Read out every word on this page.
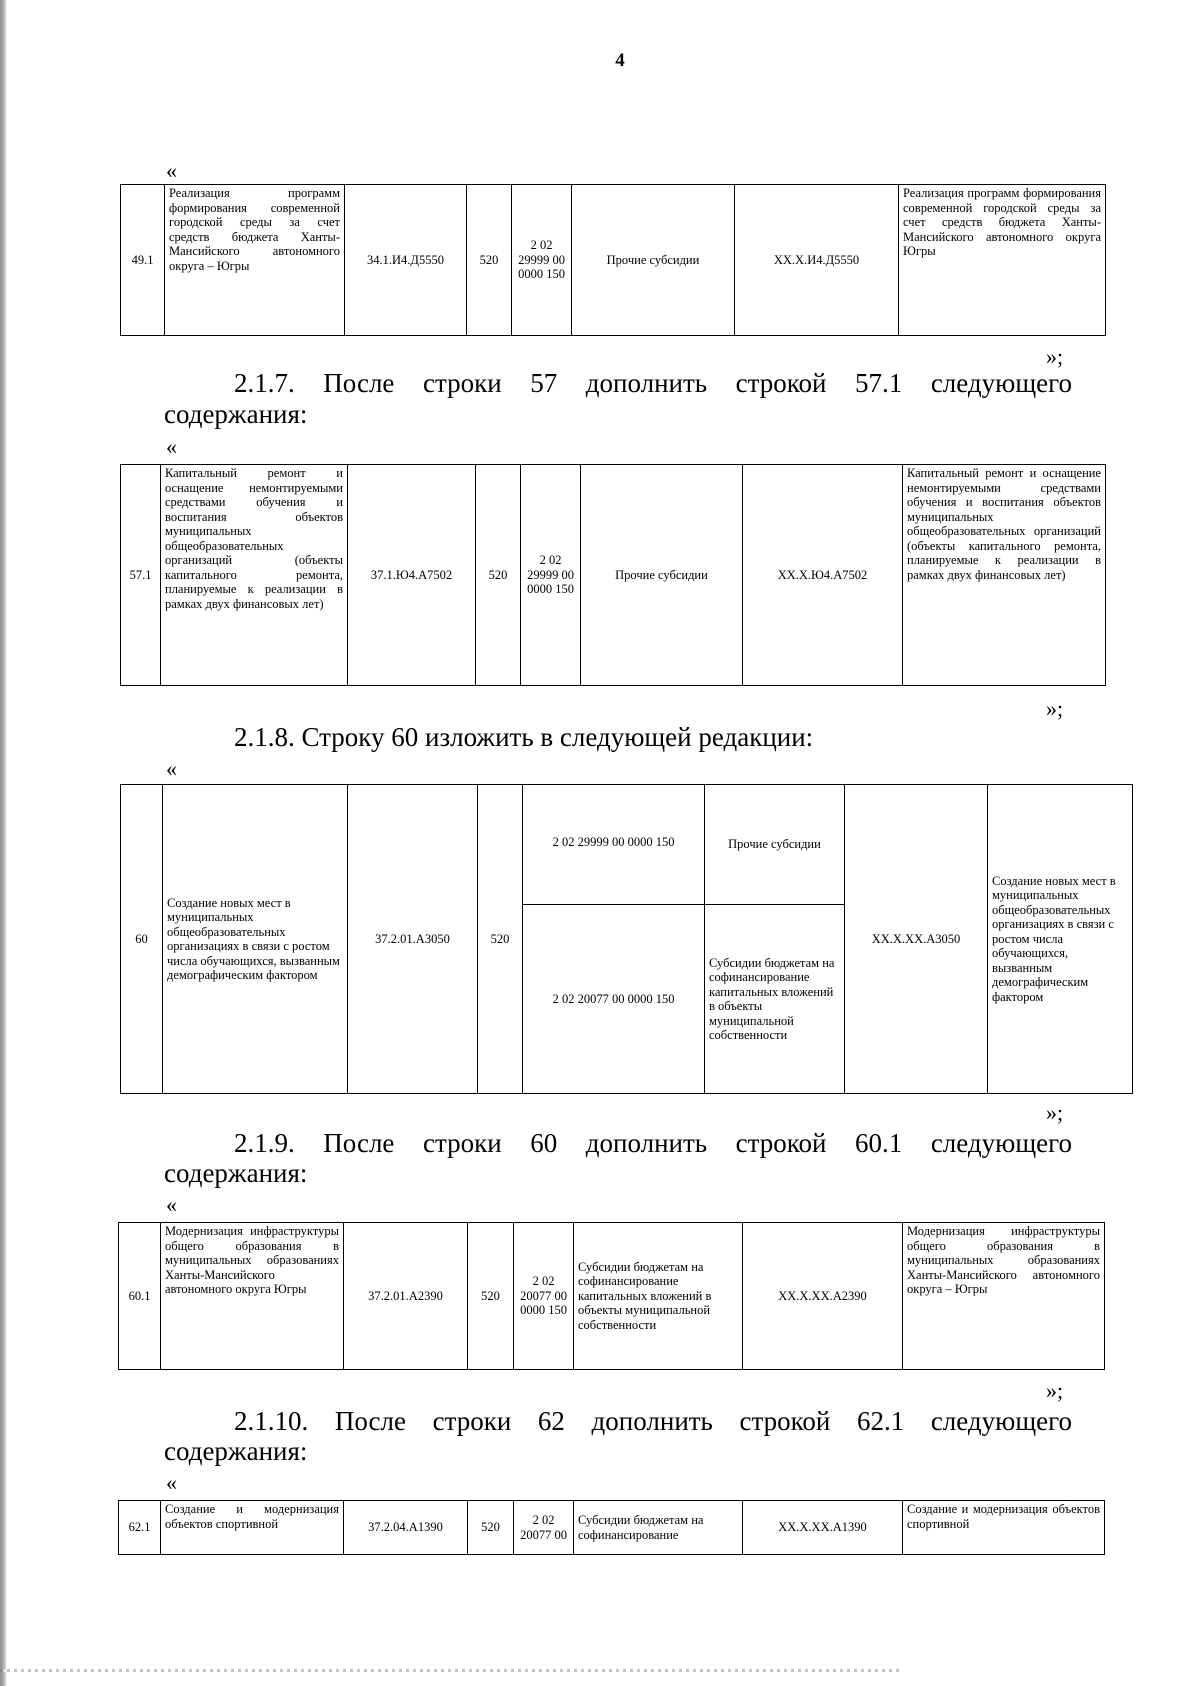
4
«
49.1	Реализация программ формирования современной городской среды за счет средств бюджета Ханты-Мансийского автономного округа – Югры	34.1.И4.Д5550	520	2 02 29999 00 0000 150	Прочие субсидии	XX.X.И4.Д5550	Реализация программ формирования современной городской среды за счет средств бюджета Ханты-Мансийского автономного округа Югры
»;
2.1.7. После строки 57 дополнить строкой 57.1 следующего
содержания:
«
57.1	Капитальный ремонт и оснащение немонтируемыми средствами обучения и воспитания объектов муниципальных общеобразовательных организаций (объекты капитального ремонта, планируемые к реализации в рамках двух финансовых лет)	37.1.Ю4.А7502	520	2 02 29999 00 0000 150	Прочие субсидии	XX.X.Ю4.А7502	Капитальный ремонт и оснащение немонтируемыми средствами обучения и воспитания объектов муниципальных общеобразовательных организаций (объекты капитального ремонта, планируемые к реализации в рамках двух финансовых лет)
»;
2.1.8. Строку 60 изложить в следующей редакции:
«
60	Создание новых мест в муниципальных общеобразовательных организациях в связи с ростом числа обучающихся, вызванным демографическим фактором	37.2.01.А3050	520	2 02 29999 00 0000 150	Прочие субсидии	XX.X.XX.А3050	Создание новых мест в муниципальных общеобразовательных организациях в связи с ростом числа обучающихся, вызванным демографическим фактором
				2 02 20077 00 0000 150	Субсидии бюджетам на софинансирование капитальных вложений в объекты муниципальной собственности		
»;
2.1.9. После строки 60 дополнить строкой 60.1 следующего
содержания:
«
60.1	Модернизация инфраструктуры общего образования в муниципальных образованиях Ханты-Мансийского автономного округа Югры	37.2.01.А2390	520	2 02 20077 00 0000 150	Субсидии бюджетам на софинансирование капитальных вложений в объекты муниципальной собственности	XX.X.XX.А2390	Модернизация инфраструктуры общего образования в муниципальных образованиях Ханты-Мансийского автономного округа – Югры
»;
2.1.10. После строки 62 дополнить строкой 62.1 следующего
содержания:
«
62.1	Создание и модернизация объектов спортивной	37.2.04.А1390	520	2 02 20077 00	Субсидии бюджетам на софинансирование	XX.X.XX.А1390	Создание и модернизация объектов спортивной
